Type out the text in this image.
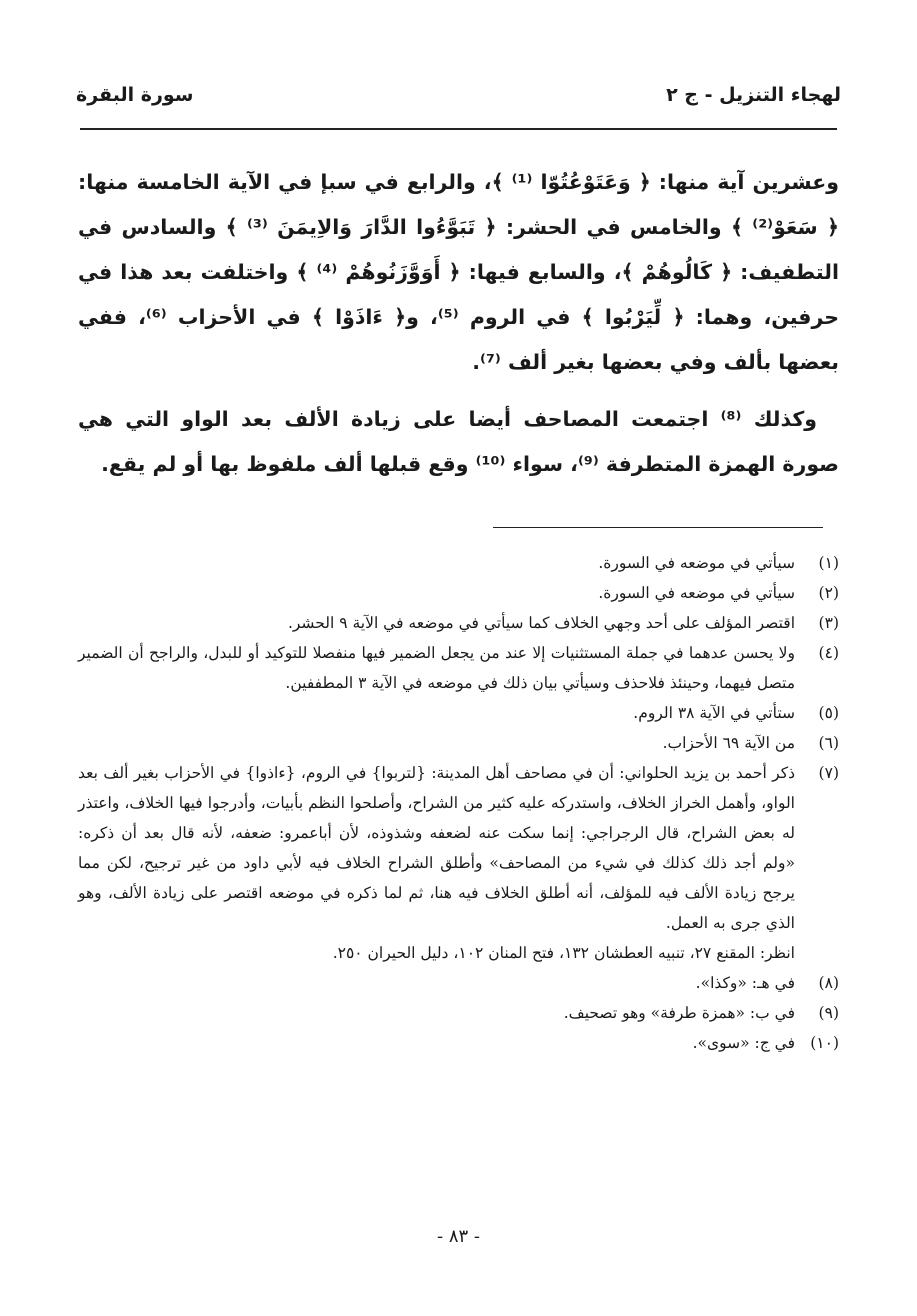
لهجاء التنزيل - ج ٢
سورة البقرة

وعشرين آية منها: ﴿ وَعَتَوْعُتُوّا ⁽¹⁾ ﴾، والرابع في سبإ في الآية الخامسة منها: ﴿ سَعَوْ⁽²⁾ ﴾ والخامس في الحشر: ﴿ تَبَوَّءُوا الدَّارَ وَالاِيمَنَ ⁽³⁾ ﴾ والسادس في التطفيف: ﴿ كَالُوهُمْ ﴾، والسابع فيها: ﴿ أَوَوَّزَنُوهُمْ ⁽⁴⁾ ﴾ واختلفت بعد هذا في حرفين، وهما: ﴿ لِّيَرْبُوا ﴾ في الروم ⁽⁵⁾، و﴿ ءَاذَوْا ﴾ في الأحزاب ⁽⁶⁾، ففي بعضها بألف وفي بعضها بغير ألف ⁽⁷⁾.

وكذلك ⁽⁸⁾ اجتمعت المصاحف أيضا على زيادة الألف بعد الواو التي هي صورة الهمزة المتطرفة ⁽⁹⁾، سواء ⁽¹⁰⁾ وقع قبلها ألف ملفوظ بها أو لم يقع.

(١)
سيأتي في موضعه في السورة.
(٢)
سيأتي في موضعه في السورة.
(٣)
اقتصر المؤلف على أحد وجهي الخلاف كما سيأتي في موضعه في الآية ٩ الحشر.
(٤)
ولا يحسن عدهما في جملة المستثنيات إلا عند من يجعل الضمير فيها منفصلا للتوكيد أو للبدل، والراجح أن الضمير متصل فيهما، وحينئذ فلاحذف وسيأتي بيان ذلك في موضعه في الآية ٣ المطففين.
(٥)
ستأتي في الآية ٣٨ الروم.
(٦)
من الآية ٦٩ الأحزاب.
(٧)
ذكر أحمد بن يزيد الحلواني: أن في مصاحف أهل المدينة: {لتربوا} في الروم، {ءاذوا} في الأحزاب بغير ألف بعد الواو، وأهمل الخراز الخلاف، واستدركه عليه كثير من الشراح، وأصلحوا النظم بأبيات، وأدرجوا فيها الخلاف، واعتذر له بعض الشراح، قال الرجراجي: إنما سكت عنه لضعفه وشذوذه، لأن أباعمرو: ضعفه، لأنه قال بعد أن ذكره: «ولم أجد ذلك كذلك في شيء من المصاحف» وأطلق الشراح الخلاف فيه لأبي داود من غير ترجيح، لكن مما يرجح زيادة الألف فيه للمؤلف، أنه أطلق الخلاف فيه هنا، ثم لما ذكره في موضعه اقتصر على زيادة الألف، وهو الذي جرى به العمل.
انظر: المقنع ٢٧، تنبيه العطشان ١٣٢، فتح المنان ١٠٢، دليل الحيران ٢٥٠.
(٨)
في هـ: «وكذا».
(٩)
في ب: «همزة طرفة» وهو تصحيف.
(١٠)
في ج: «سوى».
- ٨٣ -
